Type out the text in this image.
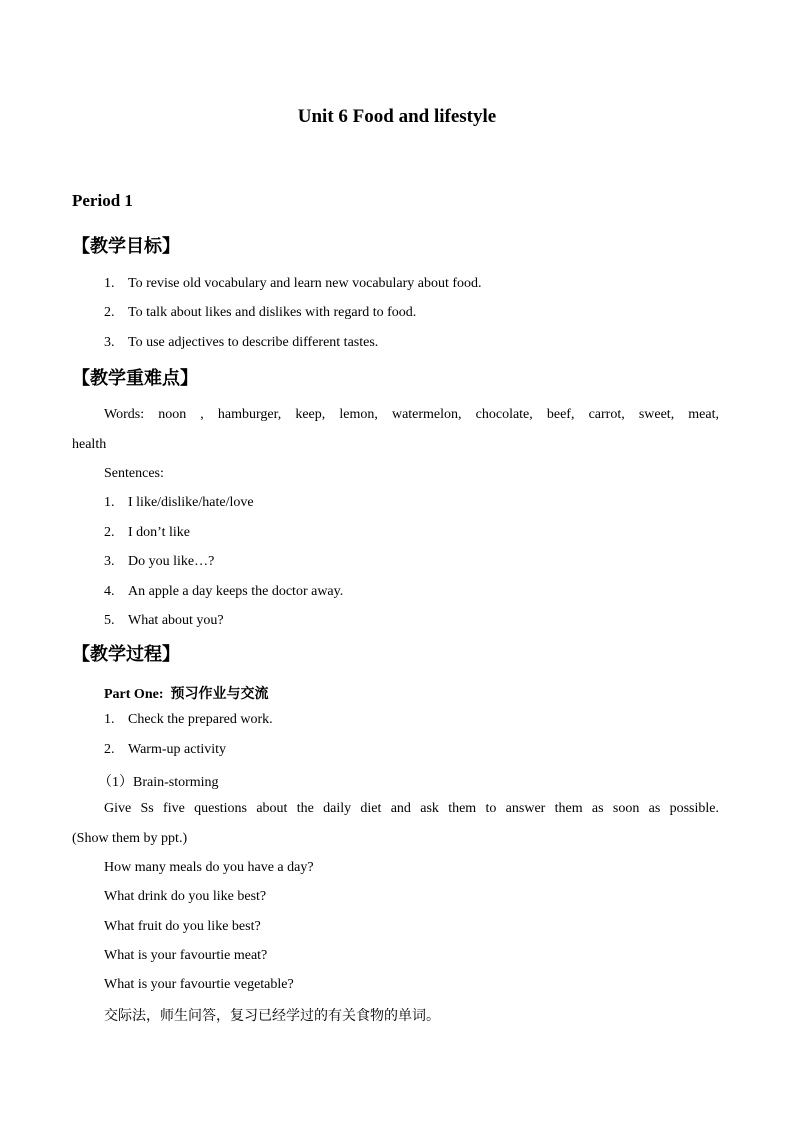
Unit 6 Food and lifestyle
Period 1
【教学目标】
1. To revise old vocabulary and learn new vocabulary about food.
2. To talk about likes and dislikes with regard to food.
3. To use adjectives to describe different tastes.
【教学重难点】
Words: noon , hamburger, keep, lemon, watermelon, chocolate, beef, carrot, sweet, meat,
health
Sentences:
1. I like/dislike/hate/love
2. I don’t like
3. Do you like…?
4. An apple a day keeps the doctor away.
5. What about you?
【教学过程】
Part One: 预习作业与交流
1. Check the prepared work.
2. Warm-up activity
（1）Brain-storming
Give Ss five questions about the daily diet and ask them to answer them as soon as possible.
(Show them by ppt.)
How many meals do you have a day?
What drink do you like best?
What fruit do you like best?
What is your favourtie meat?
What is your favourtie vegetable?
交际法，师生问答，复习已经学过的有关食物的单词。
